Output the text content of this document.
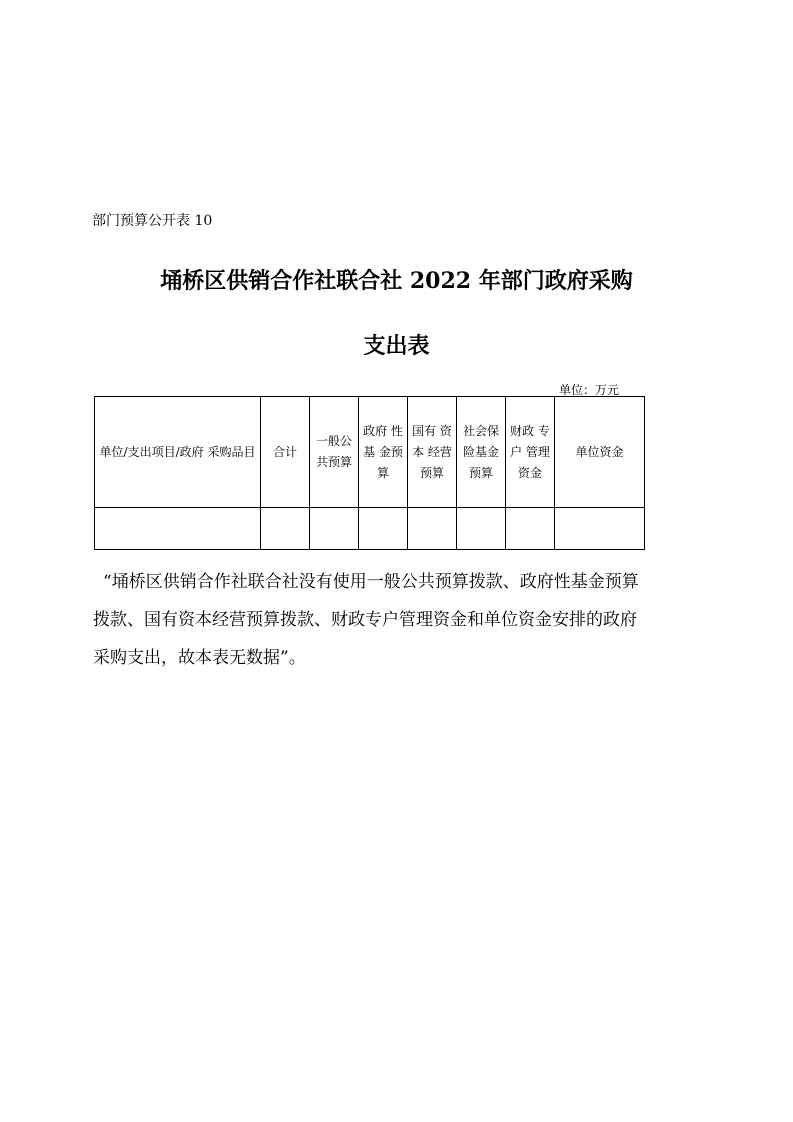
部门预算公开表 10
埇桥区供销合作社联合社 2022 年部门政府采购
支出表
单位：万元
单位/支出项目/政府 采购品目	合计	一般公共预算	政府 性基 金预算	国有 资本 经营预算	社会保险基金预算	财政 专户 管理资金	单位资金

“埇桥区供销合作社联合社没有使用一般公共预算拨款、政府性基金预算
拨款、国有资本经营预算拨款、财政专户管理资金和单位资金安排的政府
采购支出，故本表无数据”。
